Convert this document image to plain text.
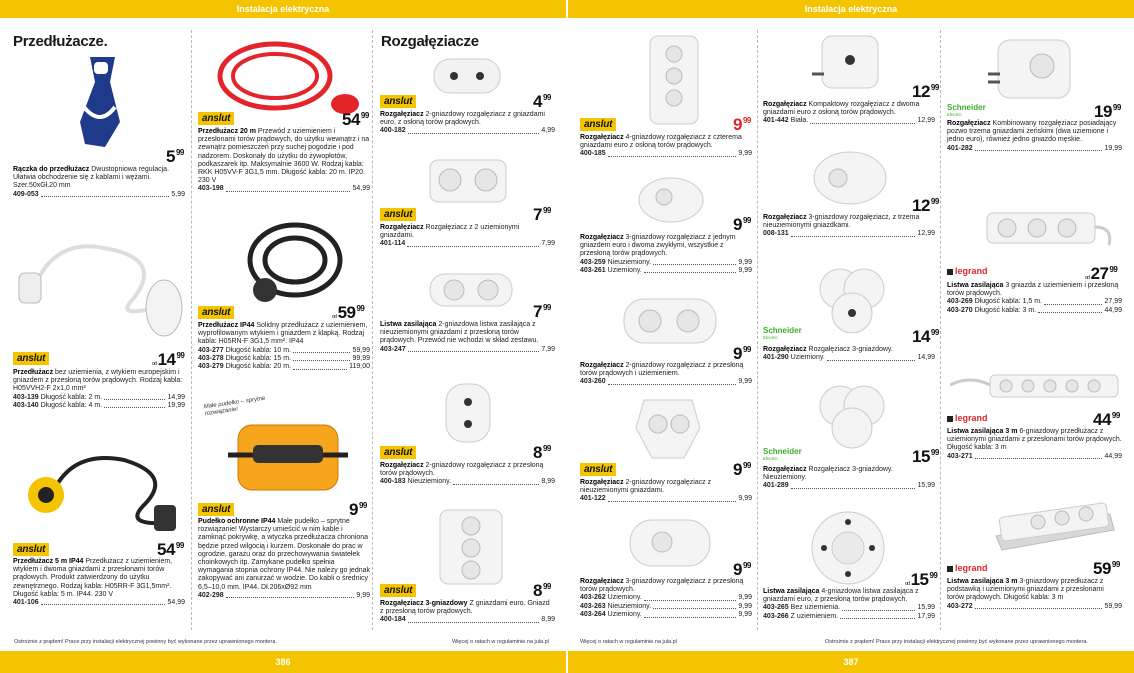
Instalacja elektryczna	Instalacja elektryczna
386	387
Ostrożnie z prądem! Prace przy instalacji elektrycznej powinny być wykonane przez uprawnionego montera.	Więcej o ratach w regulaminie na jula.pl	Więcej o ratach w regulaminie na jula.pl	Ostrożnie z prądem! Prace przy instalacji elektrycznej powinny być wykonane przez uprawnionego montera.
Przedłużacze.	Rozgałęziacze
$5^{99}$
Rączka do przedłużacz Dwustopniowa regulacja. Ułatwia obchodzenie się z kablami i wężami. Szer.50xGł.20 mm
409-053	5,99
anslut	$od14^{99}$
Przedłużacz bez uziemienia, z wtykiem europejskim i gniazdem z przesłoną torów prądowych. Rodzaj kabla: H05VVH2-F 2x1,0 mm²
403-139 Długość kabla: 2 m.	14,99
403-140 Długość kabla: 4 m.	19,99
anslut	$54^{99}$
Przedłużacz 5 m IP44 Przedłużacz z uziemieniem, wtykiem i dwoma gniazdami z przesłonami torów prądowych. Produkt zatwierdzony do użytku zewnętrznego. Rodzaj kabla: H05RR-F 3G1,5mm². Długość kabla: 5 m. IP44. 230 V
401-106	54,99
anslut	$54^{99}$
Przedłużacz 20 m Przewód z uziemieniem i przesłonami torów prądowych, do użytku wewnątrz i na zewnątrz pomieszczeń przy suchej pogodzie i pod nadzorem. Doskonały do użytku do żywopłotów, podkaszarek itp. Maksymalnie 3600 W. Rodzaj kabla: RKK H05VV-F 3G1,5 mm. Długość kabla: 20 m. IP20. 230 V
403-198	54,99
anslut	$od59^{99}$
Przedłużacz IP44 Solidny przedłużacz z uziemieniem, wyprofilowanym wtykiem i gniazdem z klapką. Rodzaj kabla: H05RN-F 3G1,5 mm². IP44
403-277 Długość kabla: 10 m.	59,99
403-278 Długość kabla: 15 m.	99,99
403-279 Długość kabla: 20 m.	119,00
Małe pudełko – sprytne rozwiązanie!
anslut	$9^{99}$
Pudełko ochronne IP44 Małe pudełko – sprytne rozwiązanie! Wystarczy umieścić w nim kable i zamknąć pokrywkę, a wtyczka przedłużacza chroniona będzie przed wilgocią i kurzem. Doskonałe do prac w ogrodzie, garażu oraz do przechowywania światełek choinkowych itp. Zamykane pudełko spełnia wymagania stopnia ochrony IP44. Nie należy go jednak zakopywać ani zanurzać w wodzie. Do kabli o średnicy 6,5–10,0 mm. IP44. Dł.206xØ92 mm
402-298	9,99
anslut	$4^{99}$
Rozgałęziacz 2-gniazdowy rozgałęziacz z gniazdami euro, z osłoną torów prądowych.
400-182	4,99
anslut	$7^{99}$
Rozgałęziacz Rozgałęziacz z 2 uziemionymi gniazdami.
401-114	7,99
$7^{99}$
Listwa zasilająca 2-gniazdowa listwa zasilająca z nieuziemionymi gniazdami z przesłoną torów prądowych. Przewód nie wchodzi w skład zestawu.
403-247	7,99
anslut	$8^{99}$
Rozgałęziacz 2-gniazdowy rozgałęziacz z przesłoną torów prądowych.
400-183 Nieuziemiony.	8,99
anslut	$8^{99}$
Rozgałęziacz 3-gniazdowy Z gniazdami euro. Gniazd z przesłoną torów prądowych.
400-184	8,99
anslut	$9^{99}$
Rozgałęziacz 4-gniazdowy rozgałęziacz z czterema gniazdami euro z osłoną torów prądowych.
400-185	9,99
$9^{99}$
Rozgałęziacz 3-gniazdowy rozgałęziacz z jednym gniazdem euro i dwoma zwykłymi, wszystkie z przesłoną torów prądowych.
403-259 Nieuziemiony.	9,99
403-261 Uziemiony.	9,99
$9^{99}$
Rozgałęziacz 2-gniazdowy rozgałęziacz z przesłoną torów prądowych i uziemieniem.
403-260	9,99
anslut	$9^{99}$
Rozgałęziacz 2-gniazdowy rozgałęziacz z nieuziemionymi gniazdami.
401-122	9,99
$9^{99}$
Rozgałęziacz 3-gniazdowy rozgałęziacz z przesłoną torów prądowych.
403-262 Uziemiony.	9,99
403-263 Nieuziemiony.	9,99
403-264 Uziemiony.	9,99
$12^{99}$
Rozgałęziacz Kompaktowy rozgałęziacz z dwoma gniazdami euro z osłoną torów prądowych.
401-442 Biała.	12,99
$12^{99}$
Rozgałęziacz 3-gniazdowy rozgałęziacz, z trzema nieuziemionymi gniazdkami.
008-131	12,99
Schneider
Electric	$14^{99}$
Rozgałęziacz Rozgałęziacz 3-gniazdowy.
401-290 Uziemiony.	14,99
Schneider
Electric	$15^{99}$
Rozgałęziacz Rozgałęziacz 3-gniazdowy. Nieuziemiony.
401-289	15,99
$od15^{99}$
Listwa zasilająca 4-gniazdowa listwa zasilająca z gniazdami euro, z przesłoną torów prądowych.
403-265 Bez uziemienia.	15,99
403-266 Z uziemieniem.	17,99
Schneider
Electric	$19^{99}$
Rozgałęziacz Kombinowany rozgałęziacz posiadający pozwo trzema gniazdami żeńskimi (dwa uziemione i jedno euro), również jedno gniazdo męskie.
401-282	19,99
legrand
$od27^{99}$
Listwa zasilająca 3 gniazda z uziemieniem i przesłoną torów prądowych.
403-269 Długość kabla: 1,5 m.	27,99
403-270 Długość kabla: 3 m.	44,99
legrand	$44^{99}$
Listwa zasilająca 3 m 6-gniazdowy przedłużacz z uziemionymi gniazdami z przesłonami torów prądowych. Długość kabla: 3 m
403-271	44,99
legrand	$59^{99}$
Listwa zasilająca 3 m 3-gniazdowy przedłużacz z podstawką i uziemionymi gniazdami z przesłonami torów prądowych. Długość kabla: 3 m
403-272	59,99
